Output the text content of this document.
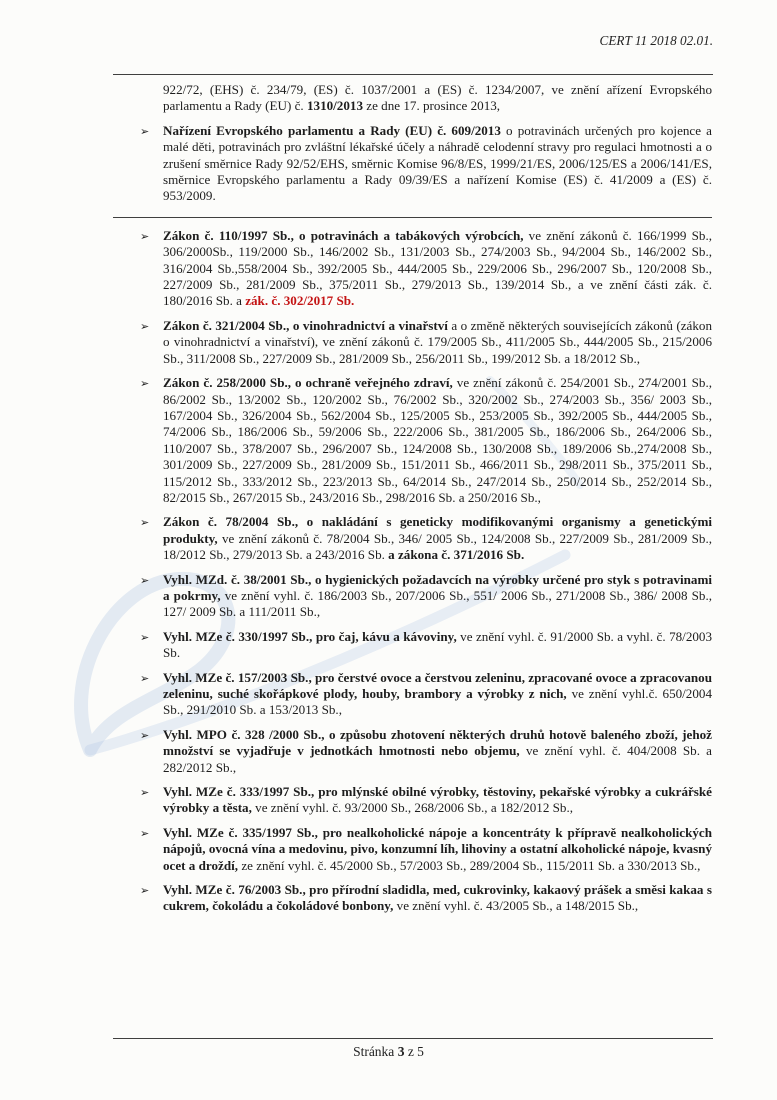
CERT 11 2018 02.01.
922/72, (EHS) č. 234/79, (ES) č. 1037/2001 a (ES) č. 1234/2007, ve znění ařízení Evropského parlamentu a Rady (EU) č. 1310/2013 ze dne 17. prosince 2013,
➢ Nařízení Evropského parlamentu a Rady (EU) č. 609/2013 o potravinách určených pro kojence a malé děti, potravinách pro zvláštní lékařské účely a náhradě celodenní stravy pro regulaci hmotnosti a o zrušení směrnice Rady 92/52/EHS, směrnic Komise 96/8/ES, 1999/21/ES, 2006/125/ES a 2006/141/ES, směrnice Evropského parlamentu a Rady 09/39/ES a nařízení Komise (ES) č. 41/2009 a (ES) č. 953/2009.
➢ Zákon č. 110/1997 Sb., o potravinách a tabákových výrobcích, ve znění zákonů č. 166/1999 Sb., 306/2000Sb., 119/2000 Sb., 146/2002 Sb., 131/2003 Sb., 274/2003 Sb., 94/2004 Sb., 146/2002 Sb., 316/2004 Sb.,558/2004 Sb., 392/2005 Sb., 444/2005 Sb., 229/2006 Sb., 296/2007 Sb., 120/2008 Sb., 227/2009 Sb., 281/2009 Sb., 375/2011 Sb., 279/2013 Sb., 139/2014 Sb., a ve znění části zák. č. 180/2016 Sb. a zák. č. 302/2017 Sb.
➢ Zákon č. 321/2004 Sb., o vinohradnictví a vinařství a o změně některých souvisejících zákonů (zákon o vinohradnictví a vinařství), ve znění zákonů č. 179/2005 Sb., 411/2005 Sb., 444/2005 Sb., 215/2006 Sb., 311/2008 Sb., 227/2009 Sb., 281/2009 Sb., 256/2011 Sb., 199/2012 Sb. a 18/2012 Sb.,
➢ Zákon č. 258/2000 Sb., o ochraně veřejného zdraví, ve znění zákonů č. 254/2001 Sb., 274/2001 Sb., 86/2002 Sb., 13/2002 Sb., 120/2002 Sb., 76/2002 Sb., 320/2002 Sb., 274/2003 Sb., 356/ 2003 Sb., 167/2004 Sb., 326/2004 Sb., 562/2004 Sb., 125/2005 Sb., 253/2005 Sb., 392/2005 Sb., 444/2005 Sb., 74/2006 Sb., 186/2006 Sb., 59/2006 Sb., 222/2006 Sb., 381/2005 Sb., 186/2006 Sb., 264/2006 Sb., 110/2007 Sb., 378/2007 Sb., 296/2007 Sb., 124/2008 Sb., 130/2008 Sb., 189/2006 Sb.,274/2008 Sb., 301/2009 Sb., 227/2009 Sb., 281/2009 Sb., 151/2011 Sb., 466/2011 Sb., 298/2011 Sb., 375/2011 Sb., 115/2012 Sb., 333/2012 Sb., 223/2013 Sb., 64/2014 Sb., 247/2014 Sb., 250/2014 Sb., 252/2014 Sb., 82/2015 Sb., 267/2015 Sb., 243/2016 Sb., 298/2016 Sb. a 250/2016 Sb.,
➢ Zákon č. 78/2004 Sb., o nakládání s geneticky modifikovanými organismy a genetickými produkty, ve znění zákonů č. 78/2004 Sb., 346/ 2005 Sb., 124/2008 Sb., 227/2009 Sb., 281/2009 Sb., 18/2012 Sb., 279/2013 Sb. a 243/2016 Sb. a zákona č. 371/2016 Sb.
➢ Vyhl. MZd. č. 38/2001 Sb., o hygienických požadavcích na výrobky určené pro styk s potravinami a pokrmy, ve znění vyhl. č. 186/2003 Sb., 207/2006 Sb., 551/ 2006 Sb., 271/2008 Sb., 386/ 2008 Sb., 127/ 2009 Sb. a 111/2011 Sb.,
➢ Vyhl. MZe č. 330/1997 Sb., pro čaj, kávu a kávoviny, ve znění vyhl. č. 91/2000 Sb. a vyhl. č. 78/2003 Sb.
➢ Vyhl. MZe č. 157/2003 Sb., pro čerstvé ovoce a čerstvou zeleninu, zpracované ovoce a zpracovanou zeleninu, suché skořápkové plody, houby, brambory a výrobky z nich, ve znění vyhl.č. 650/2004 Sb., 291/2010 Sb. a 153/2013 Sb.,
➢ Vyhl. MPO č. 328 /2000 Sb., o způsobu zhotovení některých druhů hotově baleného zboží, jehož množství se vyjadřuje v jednotkách hmotnosti nebo objemu, ve znění vyhl. č. 404/2008 Sb. a 282/2012 Sb.,
➢ Vyhl. MZe č. 333/1997 Sb., pro mlýnské obilné výrobky, těstoviny, pekařské výrobky a cukrářské výrobky a těsta, ve znění vyhl. č. 93/2000 Sb., 268/2006 Sb., a 182/2012 Sb.,
➢ Vyhl. MZe č. 335/1997 Sb., pro nealkoholické nápoje a koncentráty k přípravě nealkoholických nápojů, ovocná vína a medovinu, pivo, konzumní líh, lihoviny a ostatní alkoholické nápoje, kvasný ocet a droždí, ze znění vyhl. č. 45/2000 Sb., 57/2003 Sb., 289/2004 Sb., 115/2011 Sb. a 330/2013 Sb.,
➢ Vyhl. MZe č. 76/2003 Sb., pro přírodní sladidla, med, cukrovinky, kakaový prášek a směsi kakaa s cukrem, čokoládu a čokoládové bonbony, ve znění vyhl. č. 43/2005 Sb., a 148/2015 Sb.,
Stránka 3 z 5
